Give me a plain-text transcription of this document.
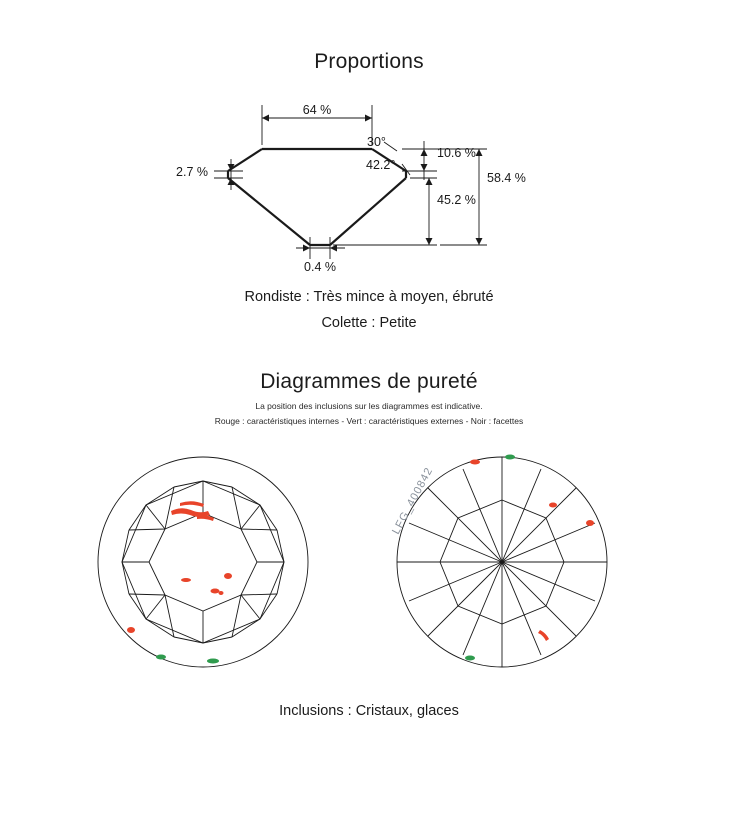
Proportions
64 %
2.7 %
0.4 %
30°
42.2°
10.6 %
45.2 %
58.4 %
Rondiste : Très mince à moyen, ébruté
Colette : Petite
Diagrammes de pureté
La position des inclusions sur les diagrammes est indicative.
Rouge : caractéristiques internes - Vert : caractéristiques externes - Noir : facettes
LFG_400842
Inclusions : Cristaux, glaces
